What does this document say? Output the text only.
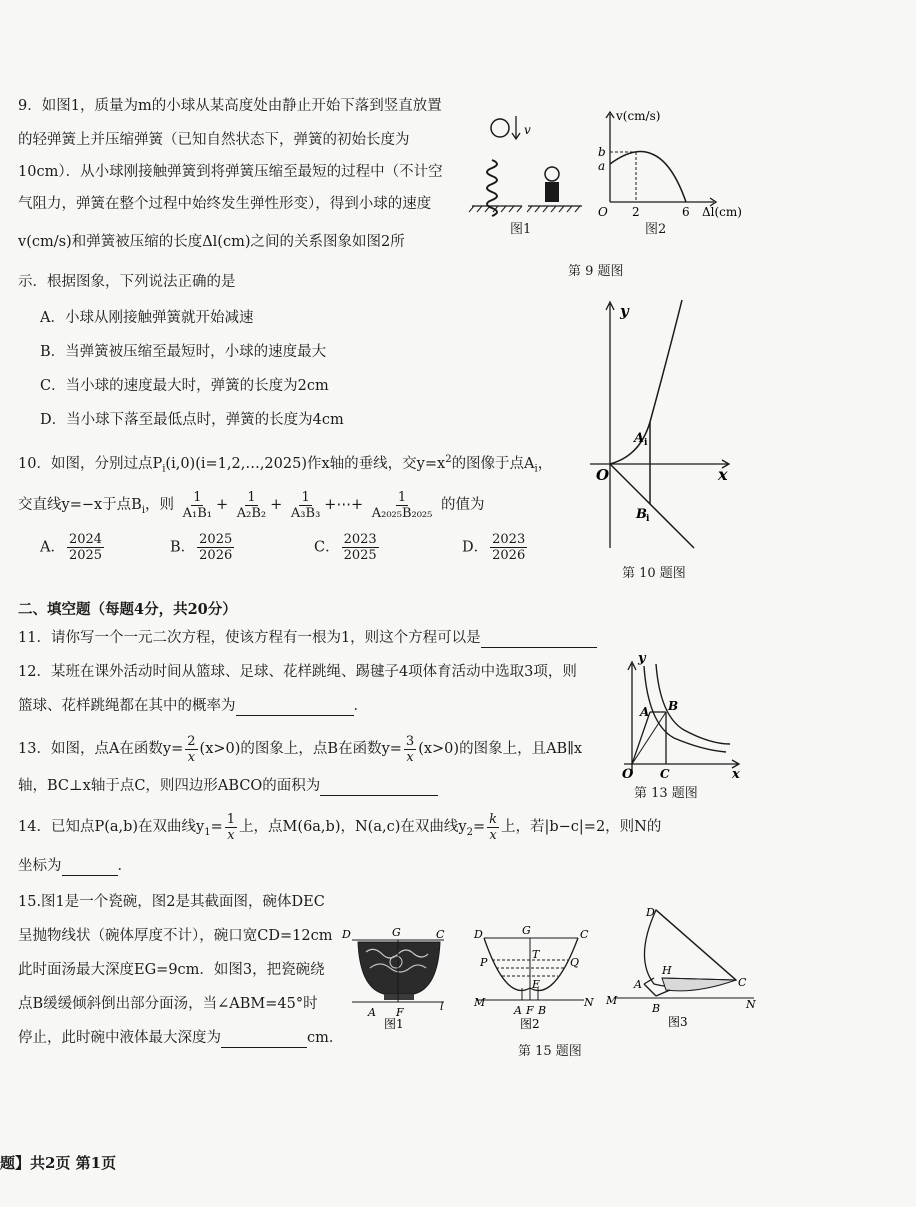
9．如图1，质量为m的小球从某高度处由静止开始下落到竖直放置
的轻弹簧上并压缩弹簧（已知自然状态下，弹簧的初始长度为
10cm）．从小球刚接触弹簧到将弹簧压缩至最短的过程中（不计空
气阻力，弹簧在整个过程中始终发生弹性形变），得到小球的速度
v(cm/s)和弹簧被压缩的长度Δl(cm)之间的关系图象如图2所
示．根据图象，下列说法正确的是
A．小球从刚接触弹簧就开始减速
B．当弹簧被压缩至最短时，小球的速度最大
C．当小球的速度最大时，弹簧的长度为2cm
D．当小球下落至最低点时，弹簧的长度为4cm
v
图1
v(cm/s)
b
a
O 2	6 Δl(cm)
图2
第 9 题图
y
x
O
A i
B i
第 10 题图
10．如图，分别过点$P_i(i,0)(i=1,2,\dots,2025)$作x轴的垂线，交$y=x^2$的图像于点$A_i$，
交直线y=−x于点$B_i$，则 $\frac{1}{\text{A₁B₁}} + \frac{1}{\text{A₂B₂}} + \frac{1}{\text{A₃B₃}}$ +⋯+ $\frac{1}{\text{A₂₀₂₅B₂₀₂₅}}$ 的值为
A． $\frac{2024}{2025}$	B． $\frac{2025}{2026}$	C． $\frac{2023}{2025}$	D． $\frac{2023}{2026}$
二、填空题（每题4分，共20分）
11．请你写一个一元二次方程，使该方程有一根为1，则这个方程可以是
12．某班在课外活动时间从篮球、足球、花样跳绳、踢毽子4项体育活动中选取3项，则
篮球、花样跳绳都在其中的概率为	．
13．如图，点A在函数$y= \frac{2}{x} (x>0)$的图象上，点B在函数$y= \frac{3}{x} (x>0)$的图象上，且AB∥x
轴，BC⊥x轴于点C，则四边形ABCO的面积为
y
x
O
A B
C
第 13 题图
14．已知点P(a,b)在双曲线$y_1= \frac{1}{x}$ 上，点M(6a,b)，N(a,c)在双曲线$y_2= \frac{k}{x}$ 上，若|b−c|=2，则N的
坐标为	．
15.图1是一个瓷碗，图2是其截面图，碗体DEC
呈抛物线状（碗体厚度不计），碗口宽CD=12cm
此时面汤最大深度EG=9cm．如图3，把瓷碗绕
点B缓缓倾斜倒出部分面汤，当∠ABM=45°时
停止，此时碗中液体最大深度为	cm．
D	G	C
A F	l
图1
D	G	C
P	Q
T
E
M	N
A F B
图2
第 15 题图
D
H
A	C
M	N
B
图3
题】共2页 第1页
